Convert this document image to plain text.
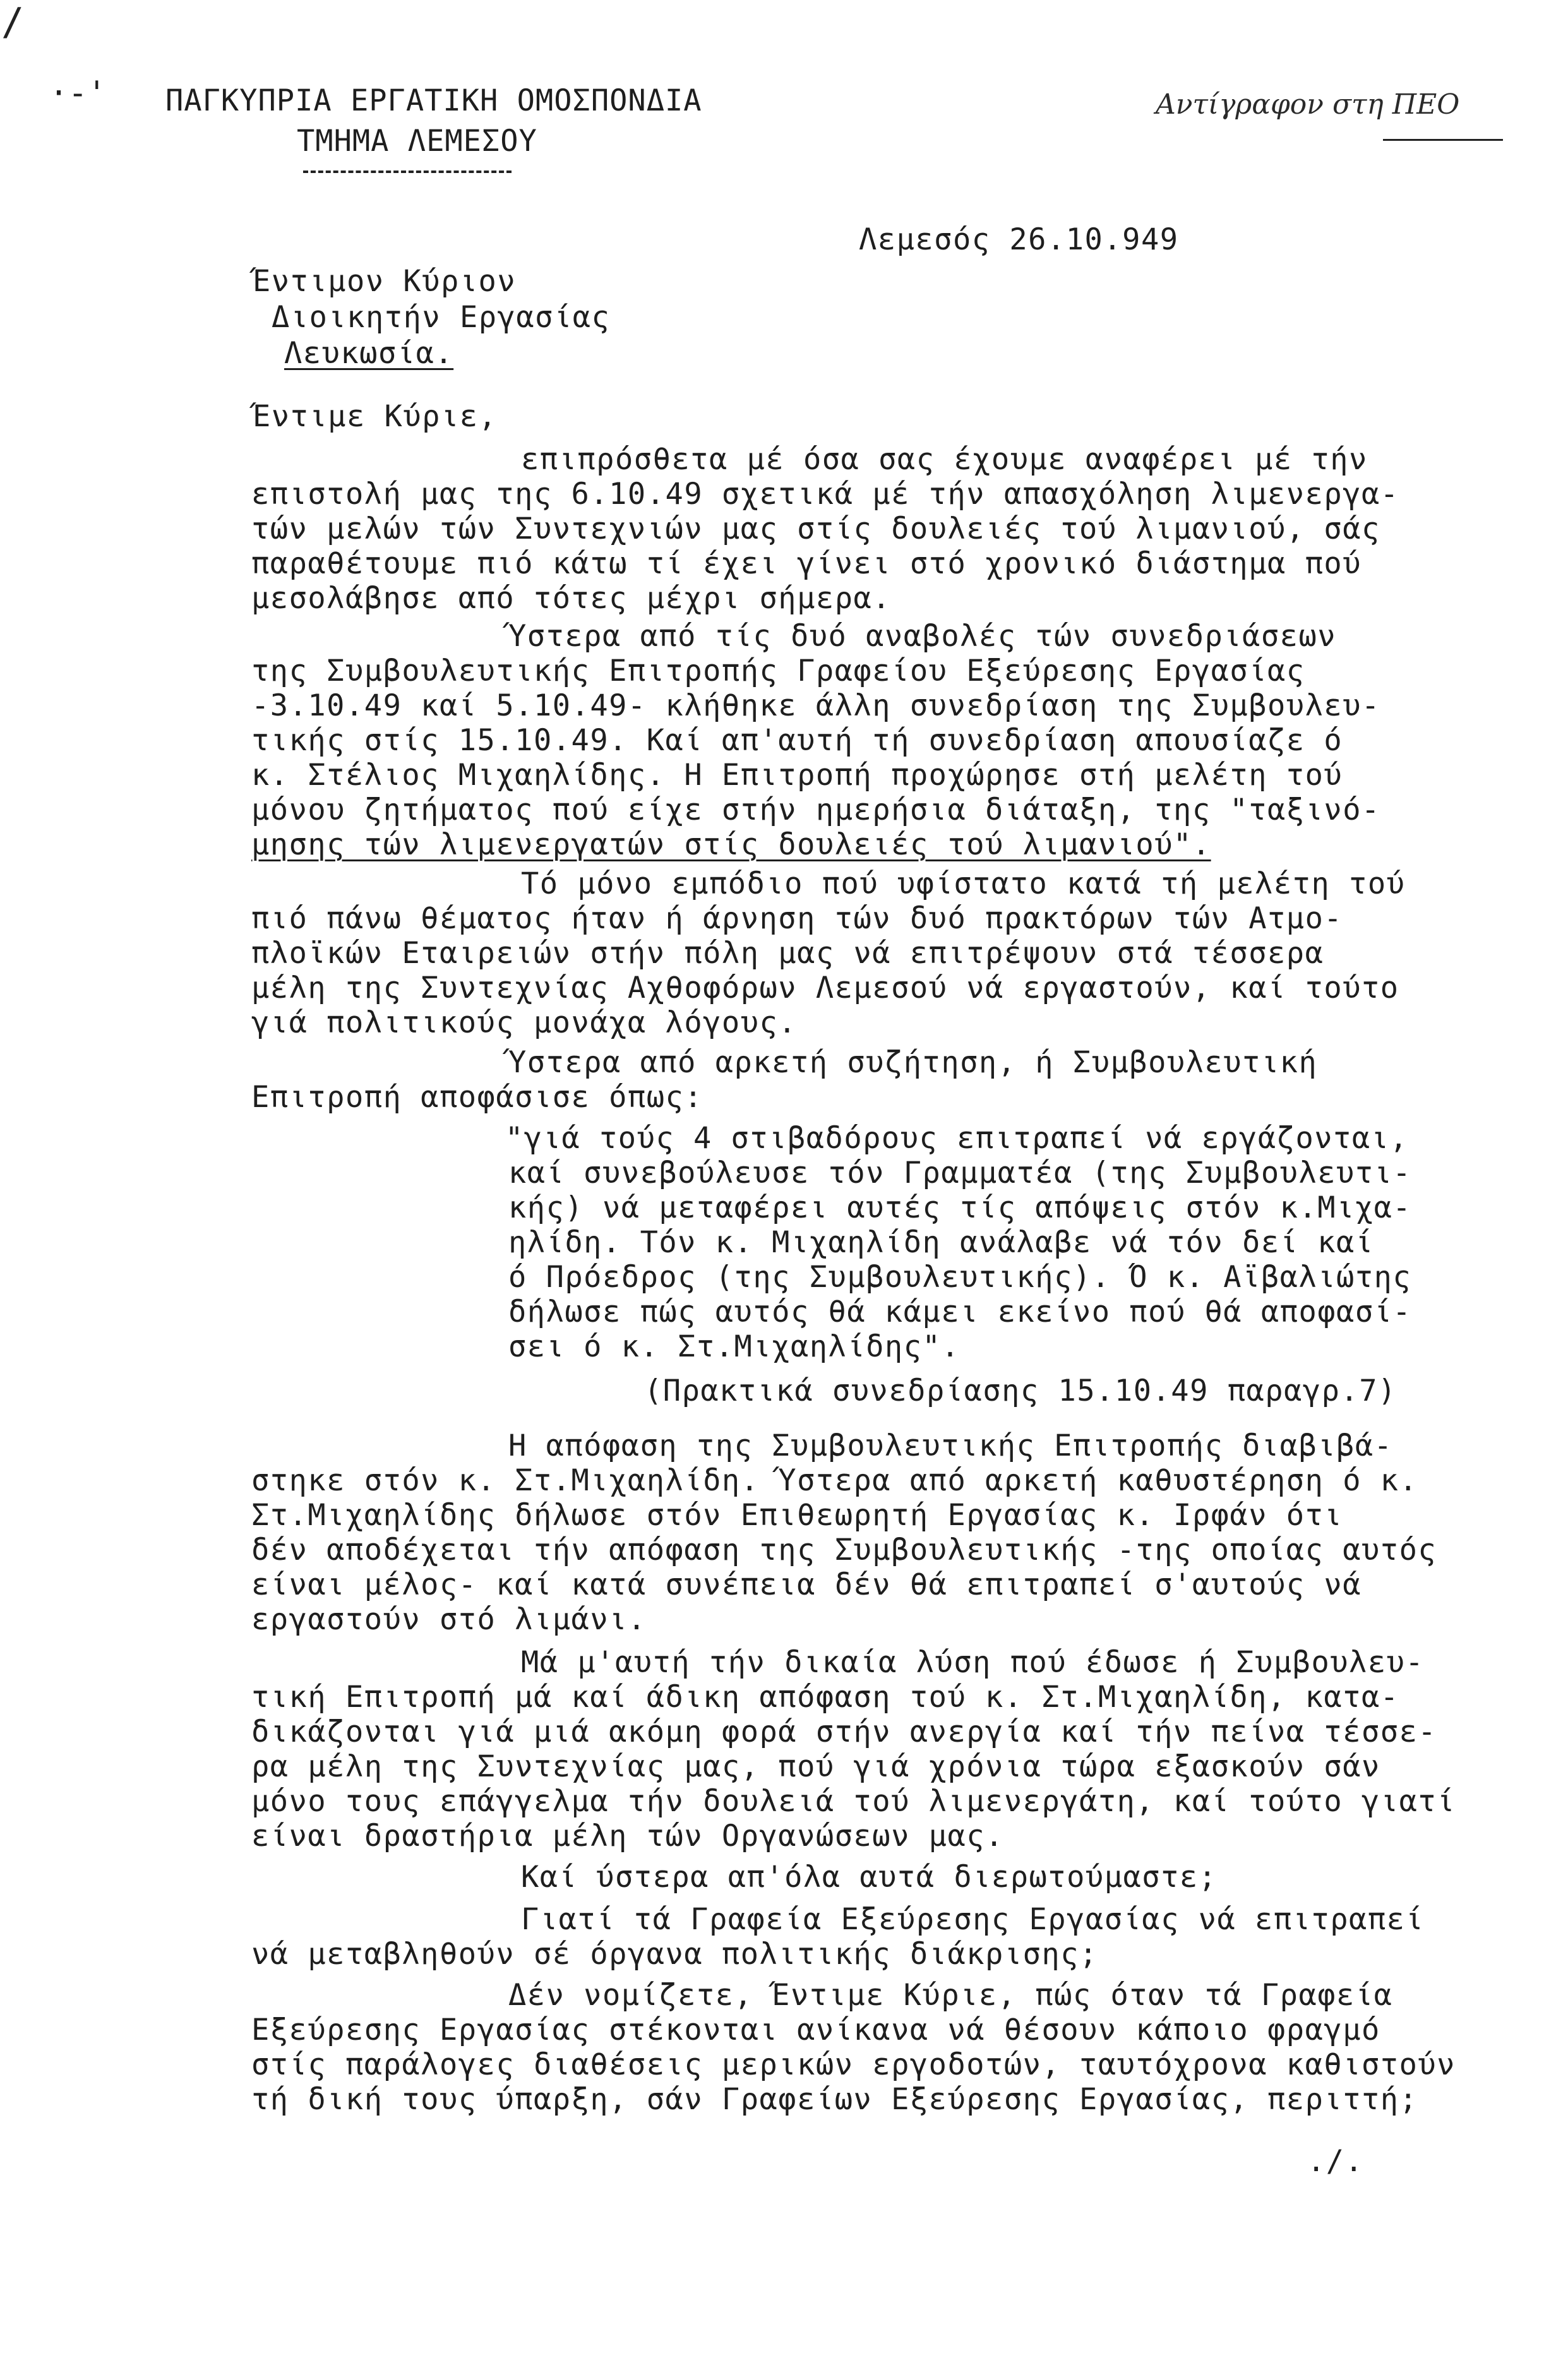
/
·-' ΠΑΓΚΥΠΡΙΑ ΕΡΓΑΤΙΚΗ ΟΜΟΣΠΟΝΔΙΑ
ΤΜΗΜΑ ΛΕΜΕΣΟΥ
Αντίγραφον στη ΠΕΟ
Λεμεσός 26.10.949
Έντιμον Κύριον
Διοικητήν Εργασίας
Λευκωσία.
Έντιμε Κύριε,
επιπρόσθετα μέ όσα σας έχουμε αναφέρει μέ τήν
επιστολή μας της 6.10.49 σχετικά μέ τήν απασχόληση λιμενεργα-
τών μελών τών Συντεχνιών μας στίς δουλειές τού λιμανιού, σάς
παραθέτουμε πιό κάτω τί έχει γίνει στό χρονικό διάστημα πού
μεσολάβησε από τότες μέχρι σήμερα.
Ύστερα από τίς δυό αναβολές τών συνεδριάσεων
της Συμβουλευτικής Επιτροπής Γραφείου Εξεύρεσης Εργασίας
-3.10.49 καί 5.10.49- κλήθηκε άλλη συνεδρίαση της Συμβουλευ-
τικής στίς 15.10.49. Καί απ'αυτή τή συνεδρίαση απουσίαζε ό
κ. Στέλιος Μιχαηλίδης. Η Επιτροπή προχώρησε στή μελέτη τού
μόνου ζητήματος πού είχε στήν ημερήσια διάταξη, της "ταξινό-
μησης τών λιμενεργατών στίς δουλειές τού λιμανιού".
Τό μόνο εμπόδιο πού υφίστατο κατά τή μελέτη τού
πιό πάνω θέματος ήταν ή άρνηση τών δυό πρακτόρων τών Ατμο-
πλοϊκών Εταιρειών στήν πόλη μας νά επιτρέψουν στά τέσσερα
μέλη της Συντεχνίας Αχθοφόρων Λεμεσού νά εργαστούν, καί τούτο
γιά πολιτικούς μονάχα λόγους.
Ύστερα από αρκετή συζήτηση, ή Συμβουλευτική
Επιτροπή αποφάσισε όπως:
"γιά τούς 4 στιβαδόρους επιτραπεί νά εργάζονται,
καί συνεβούλευσε τόν Γραμματέα (της Συμβουλευτι-
κής) νά μεταφέρει αυτές τίς απόψεις στόν κ.Μιχα-
ηλίδη. Τόν κ. Μιχαηλίδη ανάλαβε νά τόν δεί καί
ό Πρόεδρος (της Συμβουλευτικής). Ό κ. Αϊβαλιώτης
δήλωσε πώς αυτός θά κάμει εκείνο πού θά αποφασί-
σει ό κ. Στ.Μιχαηλίδης".
(Πρακτικά συνεδρίασης 15.10.49 παραγρ.7)
Η απόφαση της Συμβουλευτικής Επιτροπής διαβιβά-
στηκε στόν κ. Στ.Μιχαηλίδη. Ύστερα από αρκετή καθυστέρηση ό κ.
Στ.Μιχαηλίδης δήλωσε στόν Επιθεωρητή Εργασίας κ. Ιρφάν ότι
δέν αποδέχεται τήν απόφαση της Συμβουλευτικής -της οποίας αυτός
είναι μέλος- καί κατά συνέπεια δέν θά επιτραπεί σ'αυτούς νά
εργαστούν στό λιμάνι.
Μά μ'αυτή τήν δικαία λύση πού έδωσε ή Συμβουλευ-
τική Επιτροπή μά καί άδικη απόφαση τού κ. Στ.Μιχαηλίδη, κατα-
δικάζονται γιά μιά ακόμη φορά στήν ανεργία καί τήν πείνα τέσσε-
ρα μέλη της Συντεχνίας μας, πού γιά χρόνια τώρα εξασκούν σάν
μόνο τους επάγγελμα τήν δουλειά τού λιμενεργάτη, καί τούτο γιατί
είναι δραστήρια μέλη τών Οργανώσεων μας.
Καί ύστερα απ'όλα αυτά διερωτούμαστε;
Γιατί τά Γραφεία Εξεύρεσης Εργασίας νά επιτραπεί
νά μεταβληθούν σέ όργανα πολιτικής διάκρισης;
Δέν νομίζετε, Έντιμε Κύριε, πώς όταν τά Γραφεία
Εξεύρεσης Εργασίας στέκονται ανίκανα νά θέσουν κάποιο φραγμό
στίς παράλογες διαθέσεις μερικών εργοδοτών, ταυτόχρονα καθιστούν
τή δική τους ύπαρξη, σάν Γραφείων Εξεύρεσης Εργασίας, περιττή;
./.
